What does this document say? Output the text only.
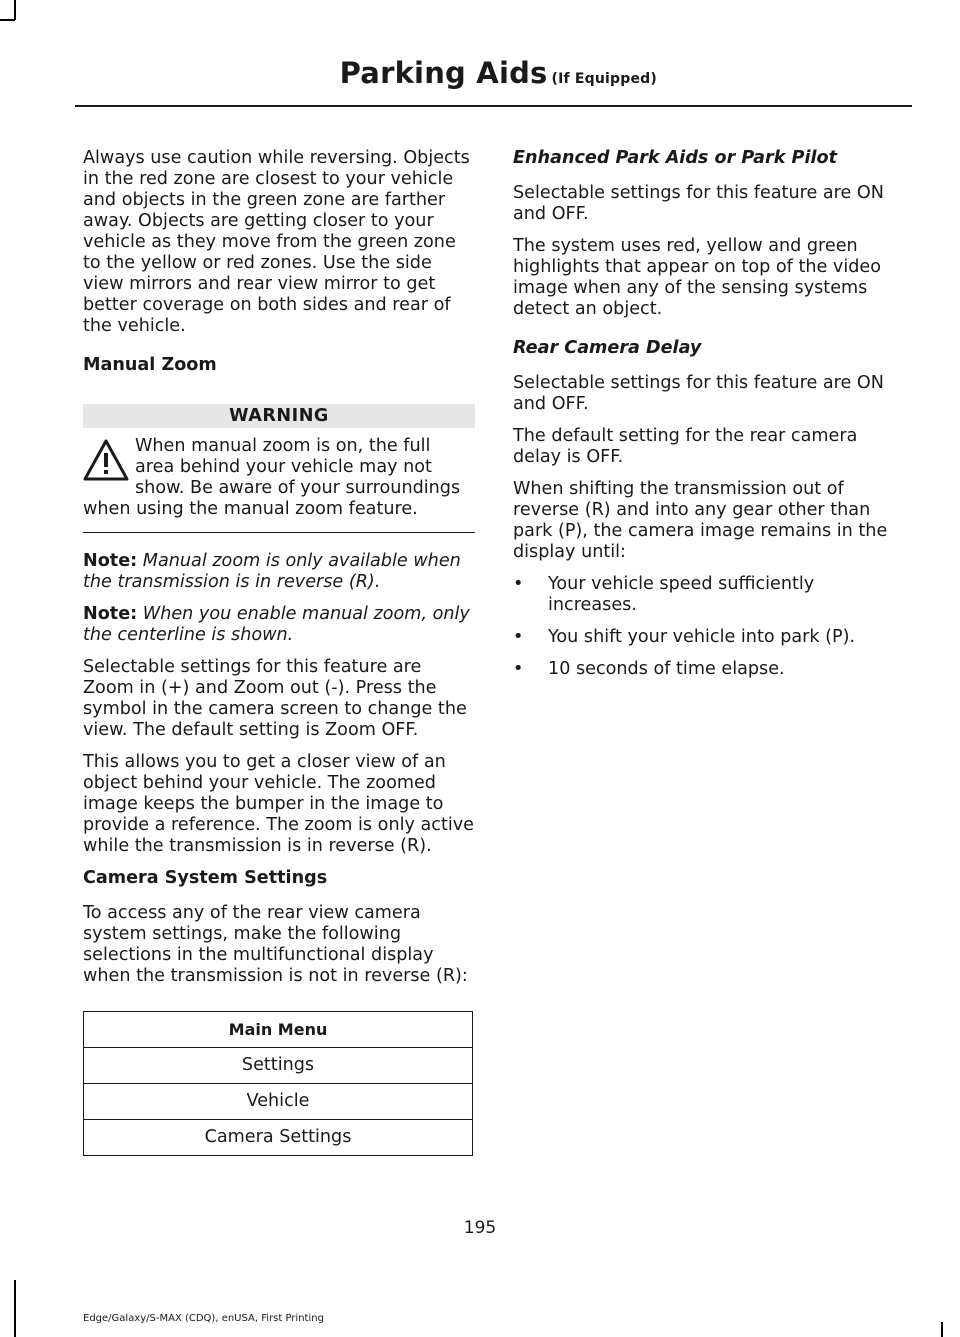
Parking Aids (If Equipped)

Always use caution while reversing. Objects in the red zone are closest to your vehicle and objects in the green zone are farther away. Objects are getting closer to your vehicle as they move from the green zone to the yellow or red zones. Use the side view mirrors and rear view mirror to get better coverage on both sides and rear of the vehicle.

Manual Zoom

WARNING
When manual zoom is on, the full area behind your vehicle may not show. Be aware of your surroundings when using the manual zoom feature.

Note: Manual zoom is only available when the transmission is in reverse (R).

Note: When you enable manual zoom, only the centerline is shown.

Selectable settings for this feature are Zoom in (+) and Zoom out (-). Press the symbol in the camera screen to change the view. The default setting is Zoom OFF.

This allows you to get a closer view of an object behind your vehicle. The zoomed image keeps the bumper in the image to provide a reference. The zoom is only active while the transmission is in reverse (R).

Camera System Settings

To access any of the rear view camera system settings, make the following selections in the multifunctional display when the transmission is not in reverse (R):

Main Menu
Settings
Vehicle
Camera Settings

Enhanced Park Aids or Park Pilot

Selectable settings for this feature are ON and OFF.

The system uses red, yellow and green highlights that appear on top of the video image when any of the sensing systems detect an object.

Rear Camera Delay

Selectable settings for this feature are ON and OFF.

The default setting for the rear camera delay is OFF.

When shifting the transmission out of reverse (R) and into any gear other than park (P), the camera image remains in the display until:

• Your vehicle speed sufficiently increases.
• You shift your vehicle into park (P).
• 10 seconds of time elapse.
195
Edge/Galaxy/S-MAX (CDQ), enUSA, First Printing
